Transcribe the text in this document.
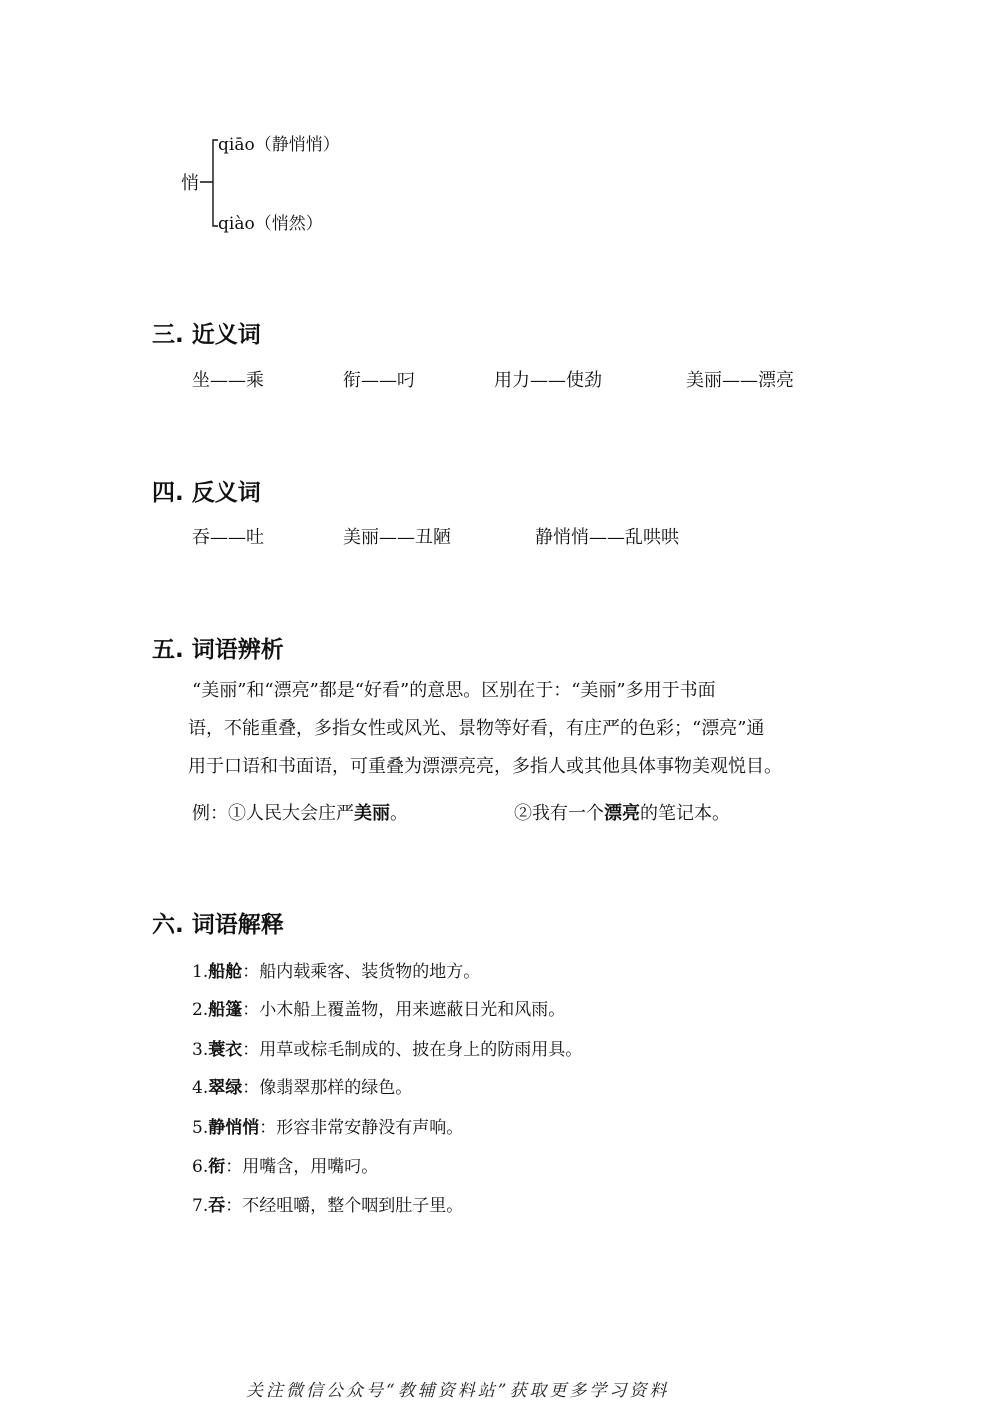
悄
qiāo（静悄悄）
qiào（悄然）
三. 近义词
坐——乘	衔——叼	用力——使劲	美丽——漂亮
四. 反义词
吞——吐	美丽——丑陋	静悄悄——乱哄哄
五. 词语辨析
“美丽”和“漂亮”都是“好看”的意思。区别在于：“美丽”多用于书面
语，不能重叠，多指女性或风光、景物等好看，有庄严的色彩；“漂亮”通
用于口语和书面语，可重叠为漂漂亮亮，多指人或其他具体事物美观悦目。
例：①人民大会庄严美丽。	②我有一个漂亮的笔记本。
六. 词语解释
1.船舱：船内载乘客、装货物的地方。
2.船篷：小木船上覆盖物，用来遮蔽日光和风雨。
3.蓑衣：用草或棕毛制成的、披在身上的防雨用具。
4.翠绿：像翡翠那样的绿色。
5.静悄悄：形容非常安静没有声响。
6.衔：用嘴含，用嘴叼。
7.吞：不经咀嚼，整个咽到肚子里。
关注微信公众号“教辅资料站”获取更多学习资料
